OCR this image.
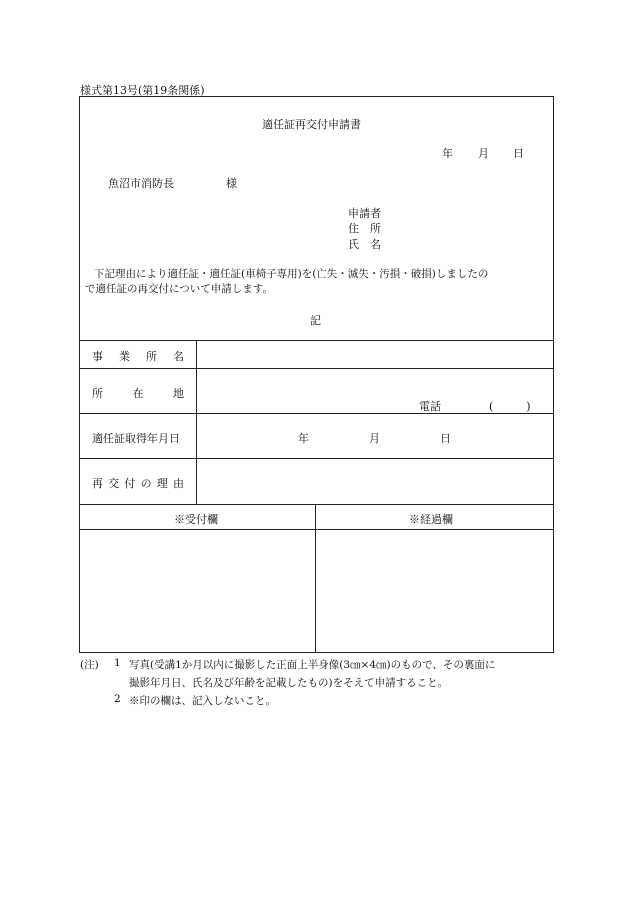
様式第13号(第19条関係)
適任証再交付申請書
年 月 日
魚沼市消防長	様
申請者
住　所
氏　名
下記理由により適任証・適任証(車椅子専用)を(亡失・滅失・汚損・破損)しましたの
で適任証の再交付について申請します。
記
事 業 所 名
所	在	地
電話	(　　　)
適任証取得年月日	年	月	日
再 交 付 の 理 由
※受付欄	※経過欄
(注) 1 写真(受講1か月以内に撮影した正面上半身像(3㎝×4㎝)のもので、その裏面に
撮影年月日、氏名及び年齢を記載したもの)をそえて申請すること。
2 ※印の欄は、記入しないこと。
